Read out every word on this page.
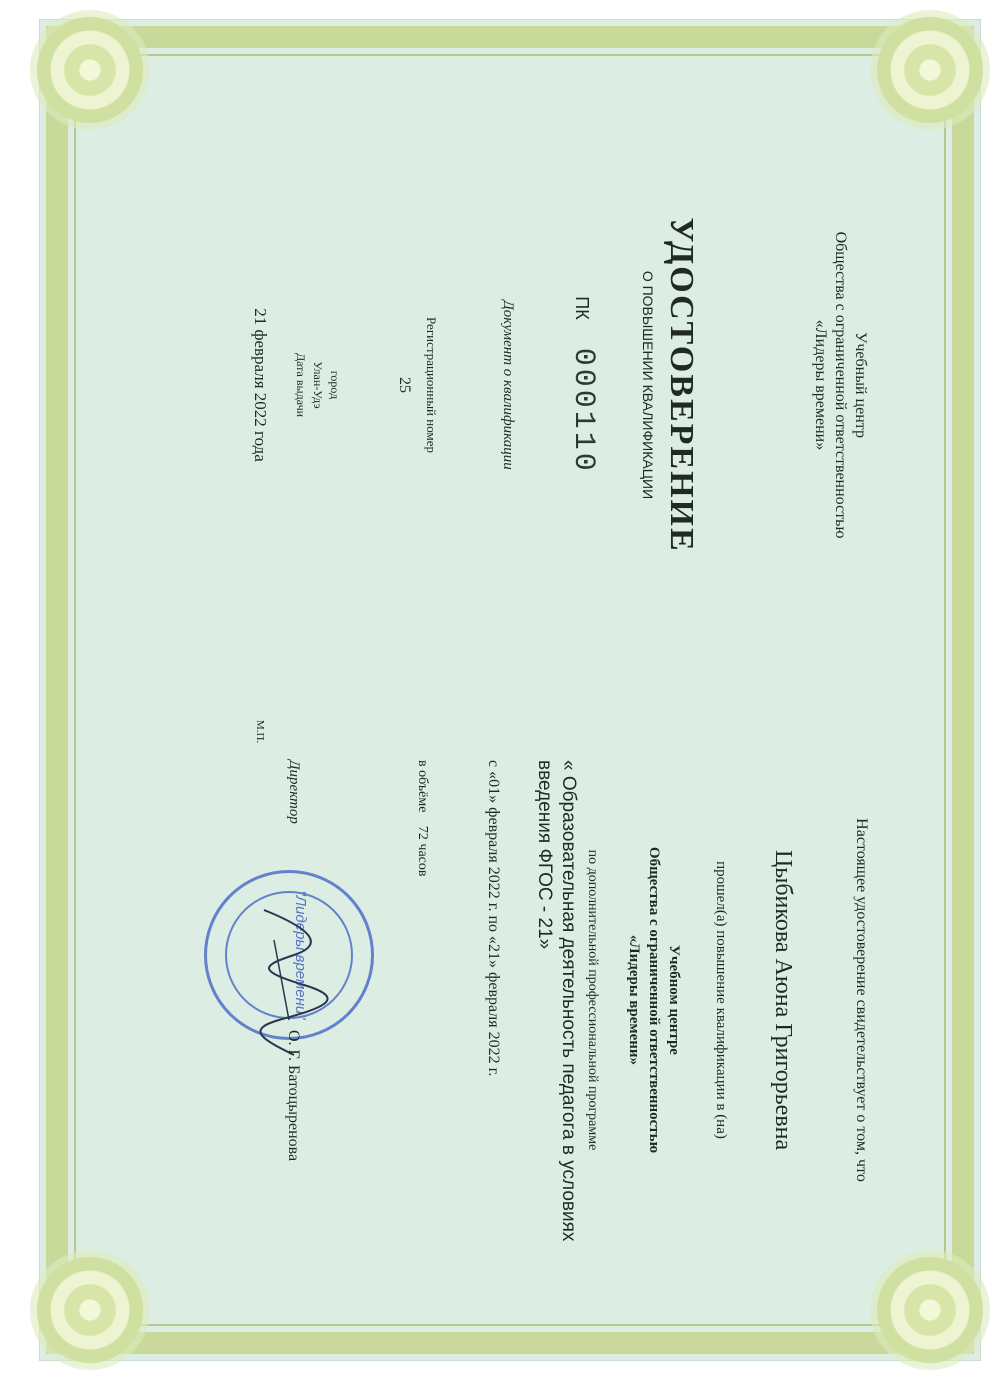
Учебный центр
Общества с ограниченной ответственностью
«Лидеры времени»
УДОСТОВЕРЕНИЕ
О ПОВЫШЕНИИ КВАЛИФИКАЦИИ
ПК 000110
Документ о квалификации
Регистрационный номер
25
город
Улан-Удэ
Дата выдачи
21 февраля 2022 года
Настоящее удостоверение свидетельствует о том, что
Цыбикова Аюна Григорьевна
прошел(а) повышение квалификации в (на)
Учебном центре
Общества с ограниченной ответственностью
«Лидеры времени»
по дополнительной профессиональной программе
« Образовательная деятельность педагога в условиях
введения ФГОС - 21»
с «01» февраля 2022 г. по «21» февраля 2022 г.
в объёме 72 часов
"Лидеры времени"
Директор
О. Г. Батоцыренова
М.П.
